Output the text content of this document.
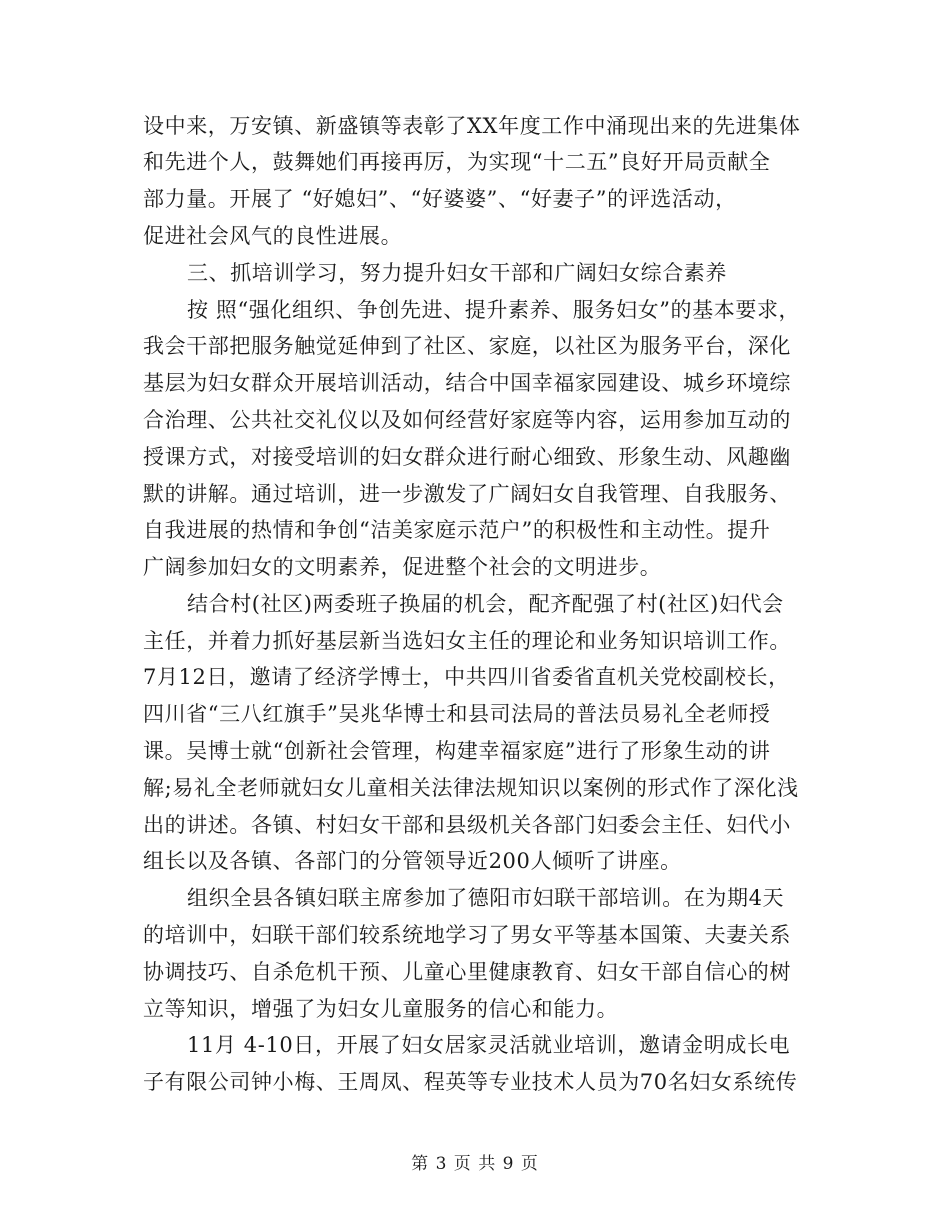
设中来，万安镇、新盛镇等表彰了XX年度工作中涌现出来的先进集体
和先进个人，鼓舞她们再接再厉，为实现“十二五”良好开局贡献全
部力量。开展了 “好媳妇”、“好婆婆”、“好妻子”的评选活动，
促进社会风气的良性进展。
三、抓培训学习，努力提升妇女干部和广阔妇女综合素养
按 照“强化组织、争创先进、提升素养、服务妇女”的基本要求，
我会干部把服务触觉延伸到了社区、家庭，以社区为服务平台，深化
基层为妇女群众开展培训活动，结合中国幸福家园建设、城乡环境综
合治理、公共社交礼仪以及如何经营好家庭等内容，运用参加互动的
授课方式，对接受培训的妇女群众进行耐心细致、形象生动、风趣幽
默的讲解。通过培训，进一步激发了广阔妇女自我管理、自我服务、
自我进展的热情和争创“洁美家庭示范户”的积极性和主动性。提升
广阔参加妇女的文明素养，促进整个社会的文明进步。
结合村(社区)两委班子换届的机会，配齐配强了村(社区)妇代会
主任，并着力抓好基层新当选妇女主任的理论和业务知识培训工作。
7月12日，邀请了经济学博士，中共四川省委省直机关党校副校长，
四川省“三八红旗手”吴兆华博士和县司法局的普法员易礼全老师授
课。吴博士就“创新社会管理，构建幸福家庭”进行了形象生动的讲
解;易礼全老师就妇女儿童相关法律法规知识以案例的形式作了深化浅
出的讲述。各镇、村妇女干部和县级机关各部门妇委会主任、妇代小
组长以及各镇、各部门的分管领导近200人倾听了讲座。
组织全县各镇妇联主席参加了德阳市妇联干部培训。在为期4天
的培训中，妇联干部们较系统地学习了男女平等基本国策、夫妻关系
协调技巧、自杀危机干预、儿童心里健康教育、妇女干部自信心的树
立等知识，增强了为妇女儿童服务的信心和能力。
11月 4-10日，开展了妇女居家灵活就业培训，邀请金明成长电
子有限公司钟小梅、王周凤、程英等专业技术人员为70名妇女系统传
第 3 页 共 9 页
